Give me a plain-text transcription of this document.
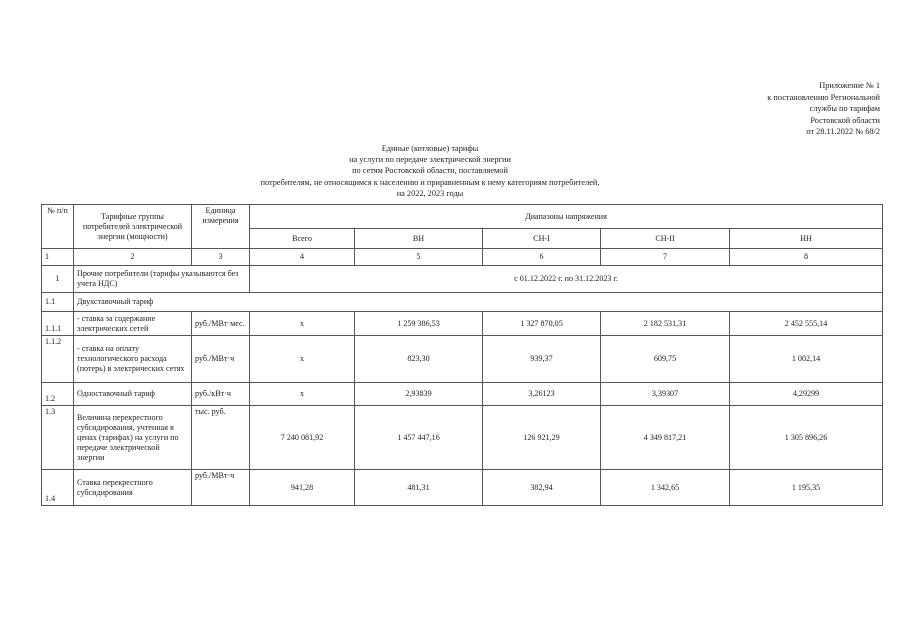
Приложение № 1
к постановлению Региональной
службы по тарифам
Ростовской области
от 28.11.2022 № 68/2
Единые (котловые) тарифы
на услуги по передаче электрической энергии
по сетям Ростовской области, поставляемой
потребителям, не относящимся к населению и приравненным к нему категориям потребителей,
на 2022, 2023 годы
№ п/п	Тарифные группы потребителей электрической энергии (мощности)	Единица измерения	Диапазоны напряжения				
			Всего	ВН	СН-I	СН-II	НН
1	2	3	4	5	6	7	8
1	Прочие потребители (тарифы указываются без учета НДС)		с 01.12.2022 г. по 31.12.2023 г.				
1.1	Двухставочный тариф						
1.1.1	- ставка за содержание электрических сетей	руб./МВт·мес.	х	1 259 386,53	1 327 870,05	2 182 531,31	2 452 555,14
1.1.2	- ставка на оплату технологического расхода (потерь) в электрических сетях	руб./МВт·ч	х	823,30	939,37	609,75	1 002,14
1.2	Одноставочный тариф	руб./кВт·ч	х	2,93839	3,26123	3,39307	4,29299
1.3	Величина перекрестного субсидирования, учтенная в ценах (тарифах) на услуги по передаче электрической энергии	тыс. руб.	7 240 081,92	1 457 447,16	126 921,29	4 349 817,21	1 305 896,26
1.4	Ставка перекрестного субсидирования	руб./МВт·ч	941,28	481,31	382,94	1 342,65	1 195,35
